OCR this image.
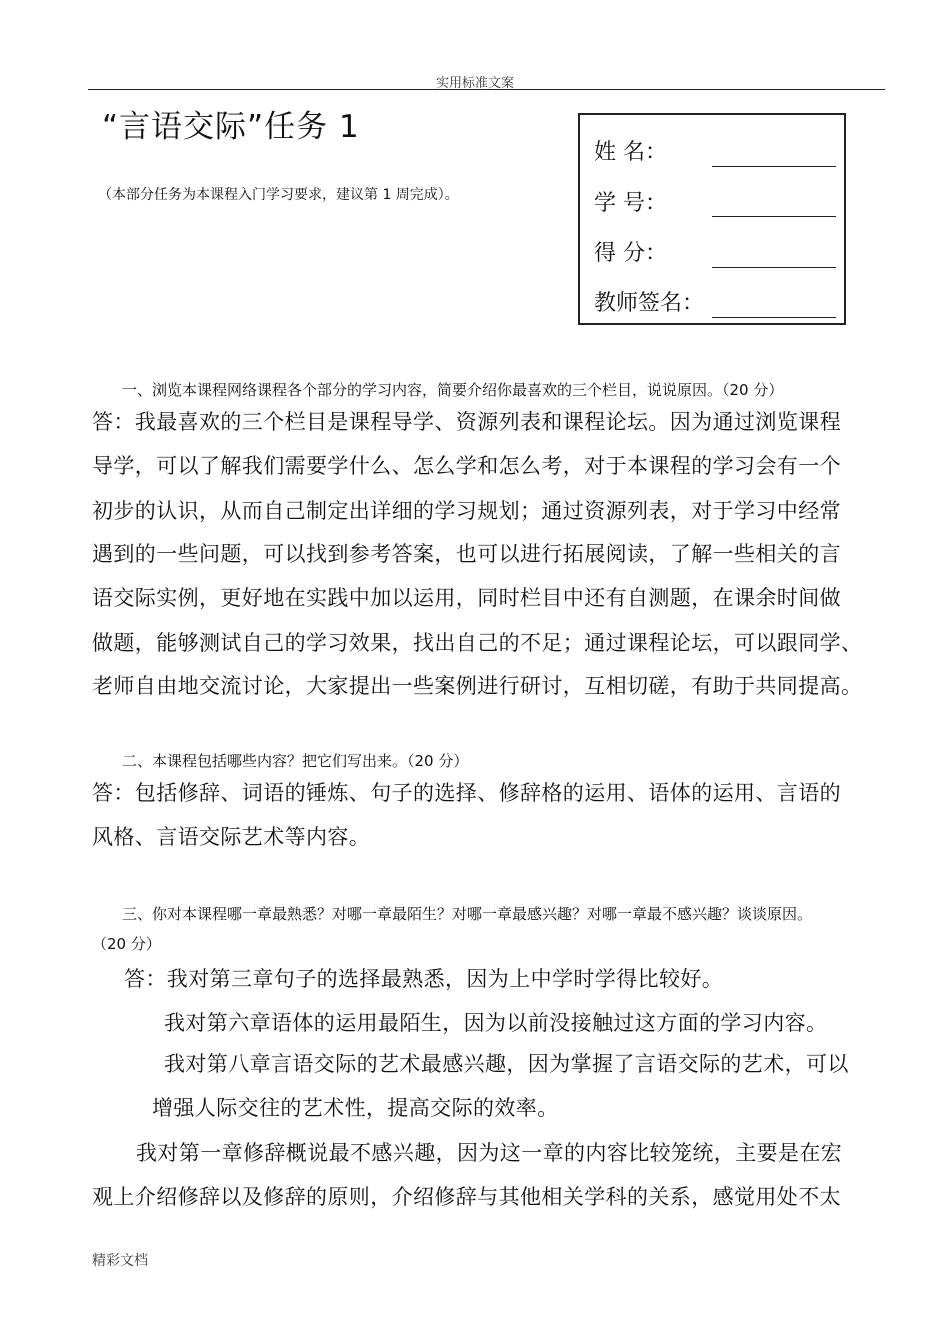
实用标准文案
“言语交际”任务 1
（本部分任务为本课程入门学习要求，建议第 1 周完成）。
姓 名：
学 号：
得 分：
教师签名：
一、浏览本课程网络课程各个部分的学习内容，简要介绍你最喜欢的三个栏目，说说原因。（20 分）
答：我最喜欢的三个栏目是课程导学、资源列表和课程论坛。因为通过浏览课程
导学，可以了解我们需要学什么、怎么学和怎么考，对于本课程的学习会有一个
初步的认识，从而自己制定出详细的学习规划；通过资源列表，对于学习中经常
遇到的一些问题，可以找到参考答案，也可以进行拓展阅读，了解一些相关的言
语交际实例，更好地在实践中加以运用，同时栏目中还有自测题，在课余时间做
做题，能够测试自己的学习效果，找出自己的不足；通过课程论坛，可以跟同学、
老师自由地交流讨论，大家提出一些案例进行研讨，互相切磋，有助于共同提高。
二、本课程包括哪些内容？把它们写出来。（20 分）
答：包括修辞、词语的锤炼、句子的选择、修辞格的运用、语体的运用、言语的
风格、言语交际艺术等内容。
三、你对本课程哪一章最熟悉？对哪一章最陌生？对哪一章最感兴趣？对哪一章最不感兴趣？谈谈原因。
（20 分）
答：我对第三章句子的选择最熟悉，因为上中学时学得比较好。
我对第六章语体的运用最陌生，因为以前没接触过这方面的学习内容。
我对第八章言语交际的艺术最感兴趣，因为掌握了言语交际的艺术，可以
增强人际交往的艺术性，提高交际的效率。
我对第一章修辞概说最不感兴趣，因为这一章的内容比较笼统，主要是在宏
观上介绍修辞以及修辞的原则，介绍修辞与其他相关学科的关系，感觉用处不太
精彩文档
